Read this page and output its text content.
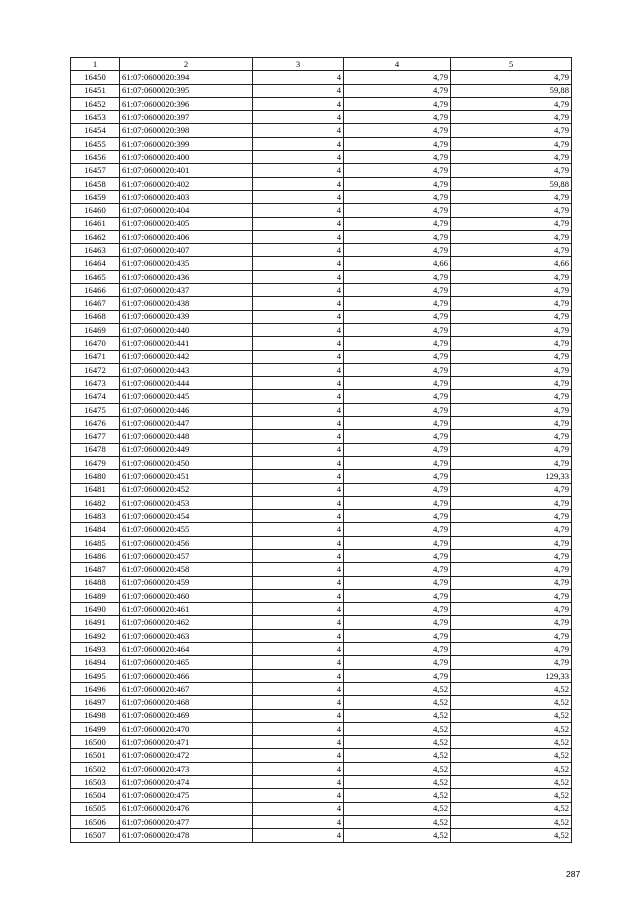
1	2	3	4	5
16450	61:07:0600020:394	4	4,79	4,79
16451	61:07:0600020:395	4	4,79	59,88
16452	61:07:0600020:396	4	4,79	4,79
16453	61:07:0600020:397	4	4,79	4,79
16454	61:07:0600020:398	4	4,79	4,79
16455	61:07:0600020:399	4	4,79	4,79
16456	61:07:0600020:400	4	4,79	4,79
16457	61:07:0600020:401	4	4,79	4,79
16458	61:07:0600020:402	4	4,79	59,88
16459	61:07:0600020:403	4	4,79	4,79
16460	61:07:0600020:404	4	4,79	4,79
16461	61:07:0600020:405	4	4,79	4,79
16462	61:07:0600020:406	4	4,79	4,79
16463	61:07:0600020:407	4	4,79	4,79
16464	61:07:0600020:435	4	4,66	4,66
16465	61:07:0600020:436	4	4,79	4,79
16466	61:07:0600020:437	4	4,79	4,79
16467	61:07:0600020:438	4	4,79	4,79
16468	61:07:0600020:439	4	4,79	4,79
16469	61:07:0600020:440	4	4,79	4,79
16470	61:07:0600020:441	4	4,79	4,79
16471	61:07:0600020:442	4	4,79	4,79
16472	61:07:0600020:443	4	4,79	4,79
16473	61:07:0600020:444	4	4,79	4,79
16474	61:07:0600020:445	4	4,79	4,79
16475	61:07:0600020:446	4	4,79	4,79
16476	61:07:0600020:447	4	4,79	4,79
16477	61:07:0600020:448	4	4,79	4,79
16478	61:07:0600020:449	4	4,79	4,79
16479	61:07:0600020:450	4	4,79	4,79
16480	61:07:0600020:451	4	4,79	129,33
16481	61:07:0600020:452	4	4,79	4,79
16482	61:07:0600020:453	4	4,79	4,79
16483	61:07:0600020:454	4	4,79	4,79
16484	61:07:0600020:455	4	4,79	4,79
16485	61:07:0600020:456	4	4,79	4,79
16486	61:07:0600020:457	4	4,79	4,79
16487	61:07:0600020:458	4	4,79	4,79
16488	61:07:0600020:459	4	4,79	4,79
16489	61:07:0600020:460	4	4,79	4,79
16490	61:07:0600020:461	4	4,79	4,79
16491	61:07:0600020:462	4	4,79	4,79
16492	61:07:0600020:463	4	4,79	4,79
16493	61:07:0600020:464	4	4,79	4,79
16494	61:07:0600020:465	4	4,79	4,79
16495	61:07:0600020:466	4	4,79	129,33
16496	61:07:0600020:467	4	4,52	4,52
16497	61:07:0600020:468	4	4,52	4,52
16498	61:07:0600020:469	4	4,52	4,52
16499	61:07:0600020:470	4	4,52	4,52
16500	61:07:0600020:471	4	4,52	4,52
16501	61:07:0600020:472	4	4,52	4,52
16502	61:07:0600020:473	4	4,52	4,52
16503	61:07:0600020:474	4	4,52	4,52
16504	61:07:0600020:475	4	4,52	4,52
16505	61:07:0600020:476	4	4,52	4,52
16506	61:07:0600020:477	4	4,52	4,52
16507	61:07:0600020:478	4	4,52	4,52
287
